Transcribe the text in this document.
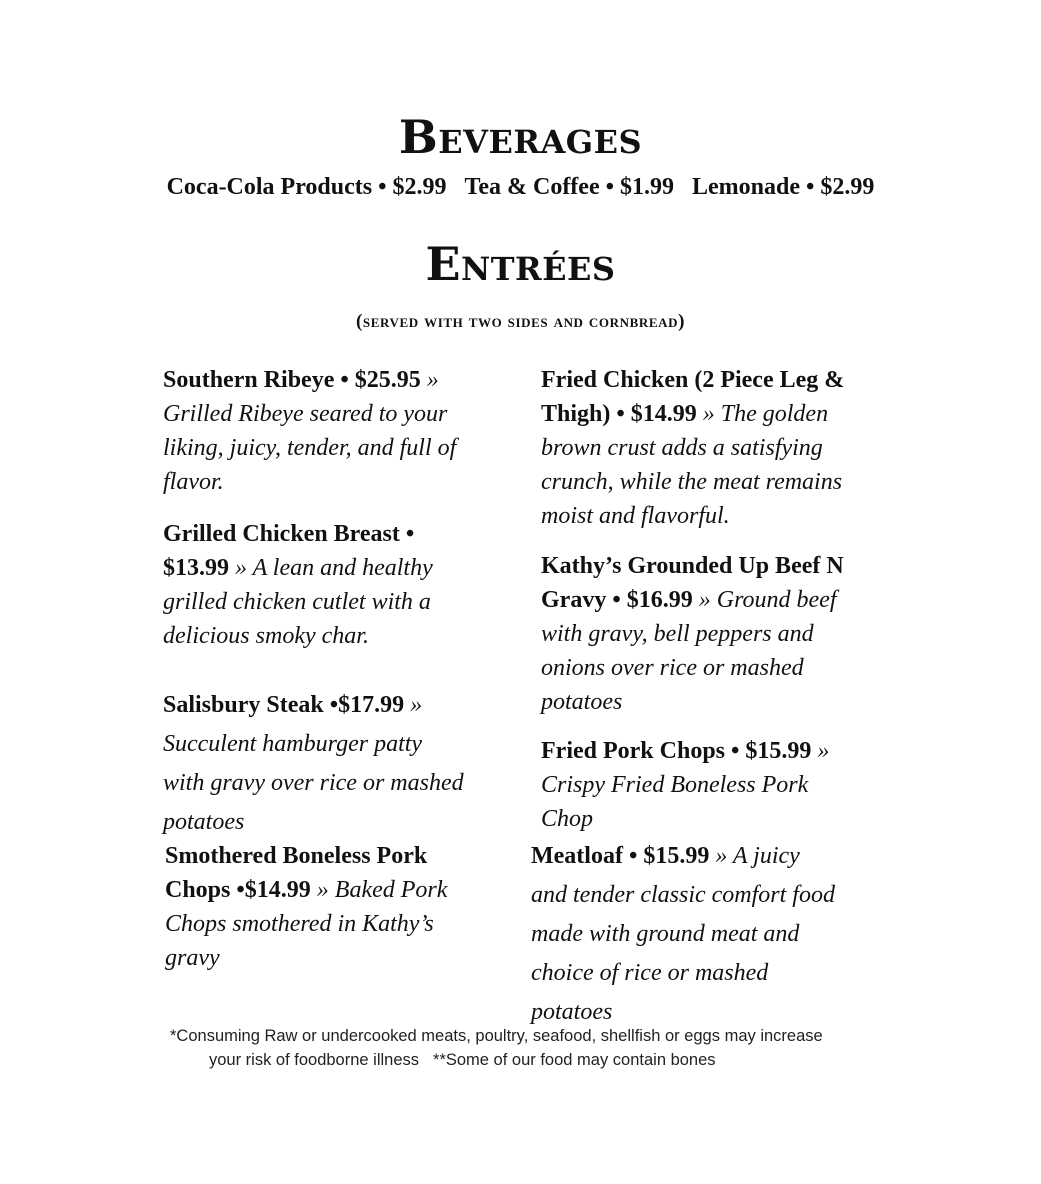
Beverages
Coca-Cola Products • $2.99 Tea & Coffee • $1.99 Lemonade • $2.99
Entrées
(served with two sides and cornbread)
Southern Ribeye • $25.95 » Grilled Ribeye seared to your liking, juicy, tender, and full of flavor.
Grilled Chicken Breast • $13.99 » A lean and healthy grilled chicken cutlet with a delicious smoky char.
Salisbury Steak •$17.99 » Succulent hamburger patty with gravy over rice or mashed potatoes
Smothered Boneless Pork Chops •$14.99 » Baked Pork Chops smothered in Kathy’s gravy
Fried Chicken (2 Piece Leg & Thigh) • $14.99 » The golden brown crust adds a satisfying crunch, while the meat remains moist and flavorful.
Kathy’s Grounded Up Beef N Gravy • $16.99 » Ground beef with gravy, bell peppers and onions over rice or mashed potatoes
Fried Pork Chops • $15.99 » Crispy Fried Boneless Pork Chop
Meatloaf • $15.99 » A juicy and tender classic comfort food made with ground meat and choice of rice or mashed potatoes
*Consuming Raw or undercooked meats, poultry, seafood, shellfish or eggs may increase
your risk of foodborne illness **Some of our food may contain bones
